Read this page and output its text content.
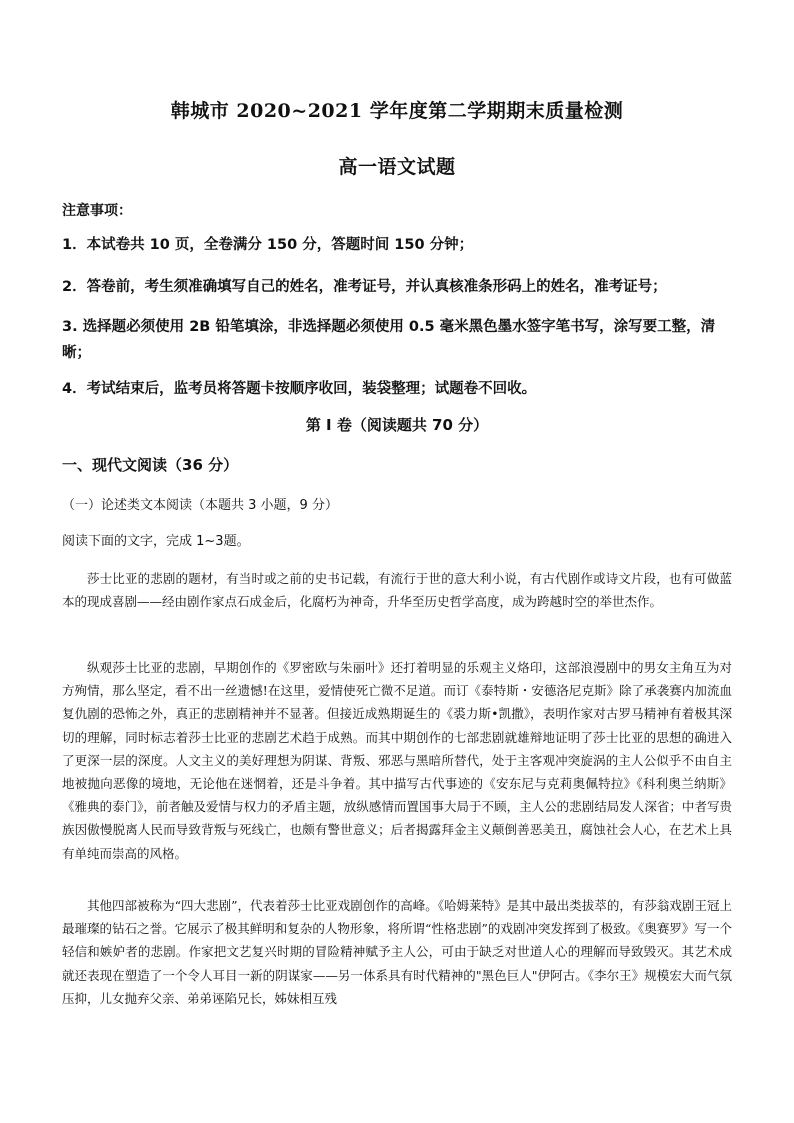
韩城市 2020~2021 学年度第二学期期末质量检测
高一语文试题
注意事项：
1．本试卷共 10 页，全卷满分 150 分，答题时间 150 分钟；
2．答卷前，考生须准确填写自己的姓名，准考证号，并认真核准条形码上的姓名，准考证号；
3. 选择题必须使用 2B 铅笔填涂，非选择题必须使用 0.5 毫米黑色墨水签字笔书写，涂写要工整，清晰；
4．考试结束后，监考员将答题卡按顺序收回，装袋整理；试题卷不回收。
第 I 卷（阅读题共 70 分）
一、现代文阅读（36 分）
（一）论述类文本阅读（本题共 3 小题，9 分）
阅读下面的文字，完成 1~3题。
莎士比亚的悲剧的题材，有当时或之前的史书记载，有流行于世的意大利小说，有古代剧作或诗文片段，也有可做蓝本的现成喜剧——经由剧作家点石成金后，化腐朽为神奇，升华至历史哲学高度，成为跨越时空的举世杰作。
纵观莎士比亚的悲剧，早期创作的《罗密欧与朱丽叶》还打着明显的乐观主义烙印，这部浪漫剧中的男女主角互为对方殉情，那么坚定，看不出一丝遗憾!在这里，爱情使死亡微不足道。而订《泰特斯・安德洛尼克斯》除了承袭赛内加流血复仇剧的恐怖之外，真正的悲剧精神并不显著。但接近成熟期诞生的《裘力斯•凯撒》，表明作家对古罗马精神有着极其深切的理解，同时标志着莎士比亚的悲剧艺术趋于成熟。而其中期创作的七部悲剧就雄辩地证明了莎士比亚的思想的确进入了更深一层的深度。人文主义的美好理想为阴谋、背叛、邪恶与黑暗所替代，处于主客观冲突旋涡的主人公似乎不由自主地被抛向恶像的境地，无论他在迷惘着，还是斗争着。其中描写古代事迹的《安东尼与克莉奥佩特拉》《科利奥兰纳斯》《雅典的泰门》，前者触及爱情与权力的矛盾主题，放纵感情而置国事大局于不顾，主人公的悲剧结局发人深省；中者写贵族因傲慢脱离人民而导致背叛与死线亡，也颇有警世意义；后者揭露拜金主义颠倒善恶美丑，腐蚀社会人心，在艺术上具有单纯而崇高的风格。
其他四部被称为“四大悲剧”，代表着莎士比亚戏剧创作的高峰。《哈姆莱特》是其中最出类拔萃的，有莎翁戏剧王冠上最璀璨的钻石之誉。它展示了极其鲜明和复杂的人物形象，将所谓“性格悲剧”的戏剧冲突发挥到了极致。《奥赛罗》写一个轻信和嫉妒者的悲剧。作家把文艺复兴时期的冒险精神赋予主人公，可由于缺乏对世道人心的理解而导致毁灭。其艺术成就还表现在塑造了一个令人耳目一新的阴谋家——另一体系具有时代精神的"黑色巨人"伊阿古。《李尔王》规模宏大而气氛压抑，儿女抛弃父亲、弟弟诬陷兄长，姊妹相互残
